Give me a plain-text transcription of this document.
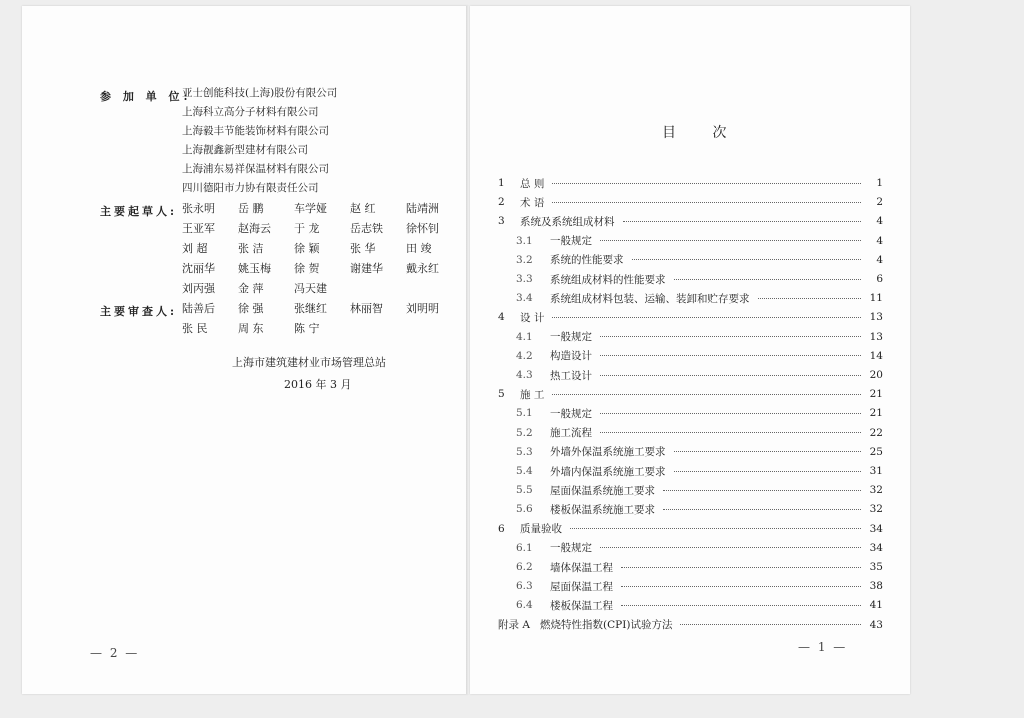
参 加 单 位:
亚士创能科技(上海)股份有限公司
上海科立高分子材料有限公司
上海毅丰节能装饰材料有限公司
上海靓鑫新型建材有限公司
上海浦东易祥保温材料有限公司
四川德阳市力协有限责任公司
主要起草人: 张永明	岳 鹏	车学娅	赵 红	陆靖洲
王亚军	赵海云	于 龙	岳志铁	徐怀钊
刘 超	张 洁	徐 颖	张 华	田 竣
沈丽华	姚玉梅	徐 贺	谢建华	戴永红
刘丙强	金 萍	冯天建
主要审查人: 陆善后	徐 强	张继红	林丽智	刘明明
张 民	周 东	陈 宁
上海市建筑建材业市场管理总站
2016 年 3 月
— 2 —
目 次
1	总 则	1
2	术 语	2
3	系统及系统组成材料	4
3.1	一般规定	4
3.2	系统的性能要求	4
3.3	系统组成材料的性能要求	6
3.4	系统组成材料包装、运输、装卸和贮存要求	11
4	设 计	13
4.1	一般规定	13
4.2	构造设计	14
4.3	热工设计	20
5	施 工	21
5.1	一般规定	21
5.2	施工流程	22
5.3	外墙外保温系统施工要求	25
5.4	外墙内保温系统施工要求	31
5.5	屋面保温系统施工要求	32
5.6	楼板保温系统施工要求	32
6	质量验收	34
6.1	一般规定	34
6.2	墙体保温工程	35
6.3	屋面保温工程	38
6.4	楼板保温工程	41
附录 A 燃烧特性指数(CPI)试验方法	43
— 1 —
